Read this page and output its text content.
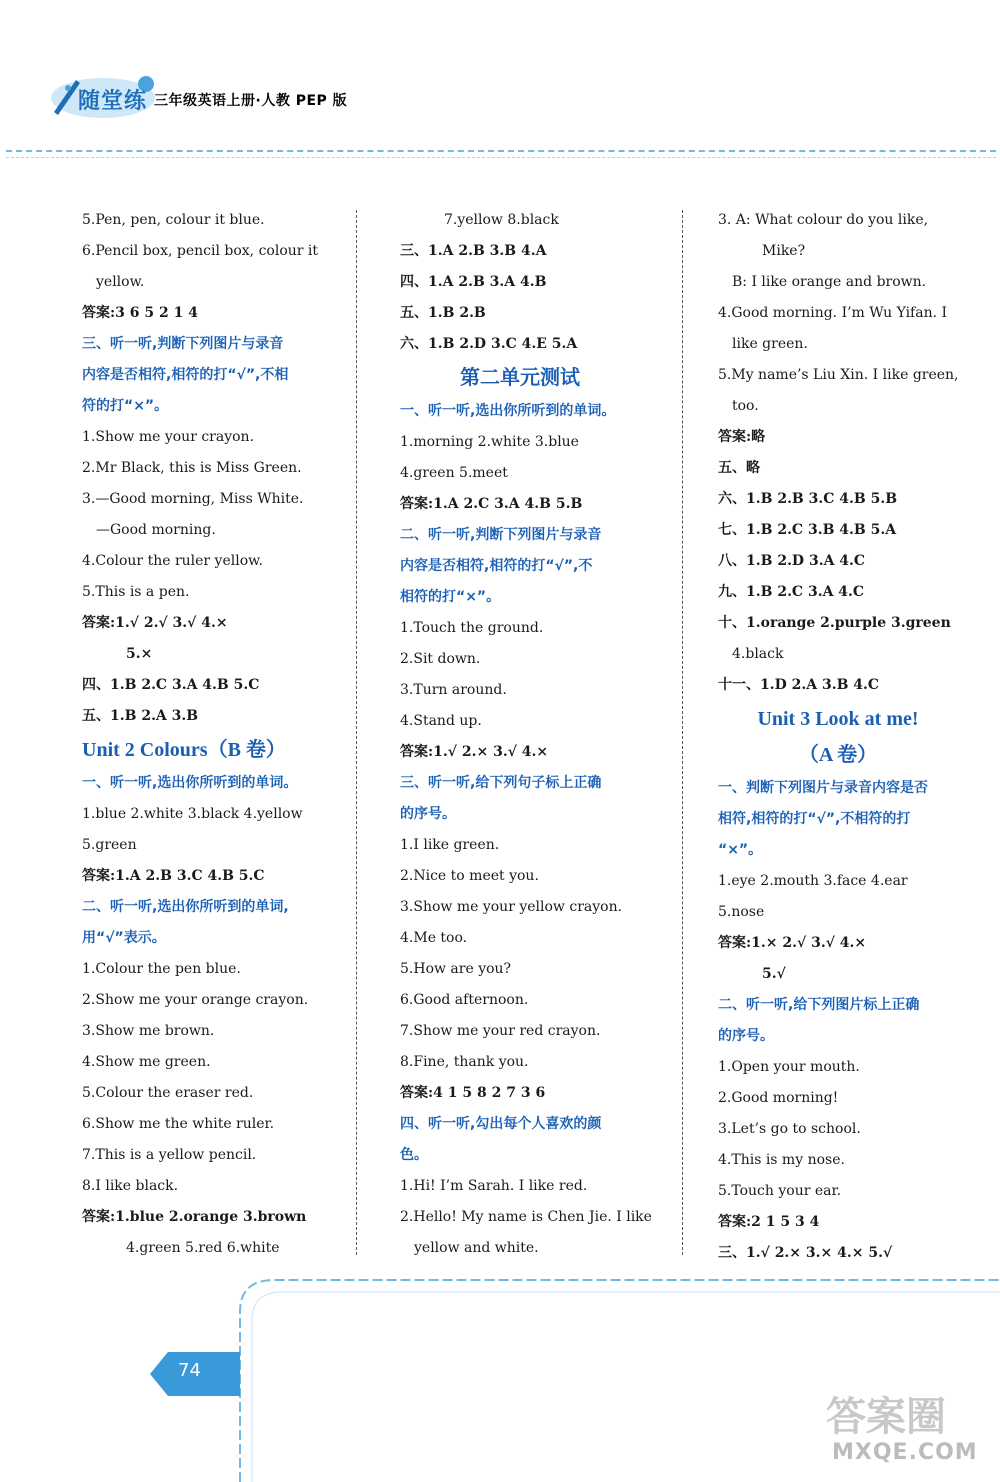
随堂练 三年级英语上册·人教 PEP 版
5.Pen, pen, colour it blue.
6.Pencil box, pencil box, colour it
yellow.
答案:3 6 5 2 1 4
三、听一听,判断下列图片与录音
内容是否相符,相符的打“√”,不相
符的打“×”。
1.Show me your crayon.
2.Mr Black, this is Miss Green.
3.—Good morning, Miss White.
—Good morning.
4.Colour the ruler yellow.
5.This is a pen.
答案:1.√ 2.√ 3.√ 4.×
5.×
四、1.B 2.C 3.A 4.B 5.C
五、1.B 2.A 3.B
Unit 2 Colours（B 卷）
一、听一听,选出你所听到的单词。
1.blue 2.white 3.black 4.yellow
5.green
答案:1.A 2.B 3.C 4.B 5.C
二、听一听,选出你所听到的单词,
用“√”表示。
1.Colour the pen blue.
2.Show me your orange crayon.
3.Show me brown.
4.Show me green.
5.Colour the eraser red.
6.Show me the white ruler.
7.This is a yellow pencil.
8.I like black.
答案:1.blue 2.orange 3.brown
4.green 5.red 6.white
7.yellow 8.black
三、1.A 2.B 3.B 4.A
四、1.A 2.B 3.A 4.B
五、1.B 2.B
六、1.B 2.D 3.C 4.E 5.A
第二单元测试
一、听一听,选出你所听到的单词。
1.morning 2.white 3.blue
4.green 5.meet
答案:1.A 2.C 3.A 4.B 5.B
二、听一听,判断下列图片与录音
内容是否相符,相符的打“√”,不
相符的打“×”。
1.Touch the ground.
2.Sit down.
3.Turn around.
4.Stand up.
答案:1.√ 2.× 3.√ 4.×
三、听一听,给下列句子标上正确
的序号。
1.I like green.
2.Nice to meet you.
3.Show me your yellow crayon.
4.Me too.
5.How are you?
6.Good afternoon.
7.Show me your red crayon.
8.Fine, thank you.
答案:4 1 5 8 2 7 3 6
四、听一听,勾出每个人喜欢的颜
色。
1.Hi! I’m Sarah. I like red.
2.Hello! My name is Chen Jie. I like
yellow and white.
3. A: What colour do you like,
Mike?
B: I like orange and brown.
4.Good morning. I’m Wu Yifan. I
like green.
5.My name’s Liu Xin. I like green,
too.
答案:略
五、略
六、1.B 2.B 3.C 4.B 5.B
七、1.B 2.C 3.B 4.B 5.A
八、1.B 2.D 3.A 4.C
九、1.B 2.C 3.A 4.C
十、1.orange 2.purple 3.green
4.black
十一、1.D 2.A 3.B 4.C
Unit 3 Look at me!
（A 卷）
一、判断下列图片与录音内容是否
相符,相符的打“√”,不相符的打
“×”。
1.eye 2.mouth 3.face 4.ear
5.nose
答案:1.× 2.√ 3.√ 4.×
5.√
二、听一听,给下列图片标上正确
的序号。
1.Open your mouth.
2.Good morning!
3.Let’s go to school.
4.This is my nose.
5.Touch your ear.
答案:2 1 5 3 4
三、1.√ 2.× 3.× 4.× 5.√
74
答案圈
MXQE.COM
